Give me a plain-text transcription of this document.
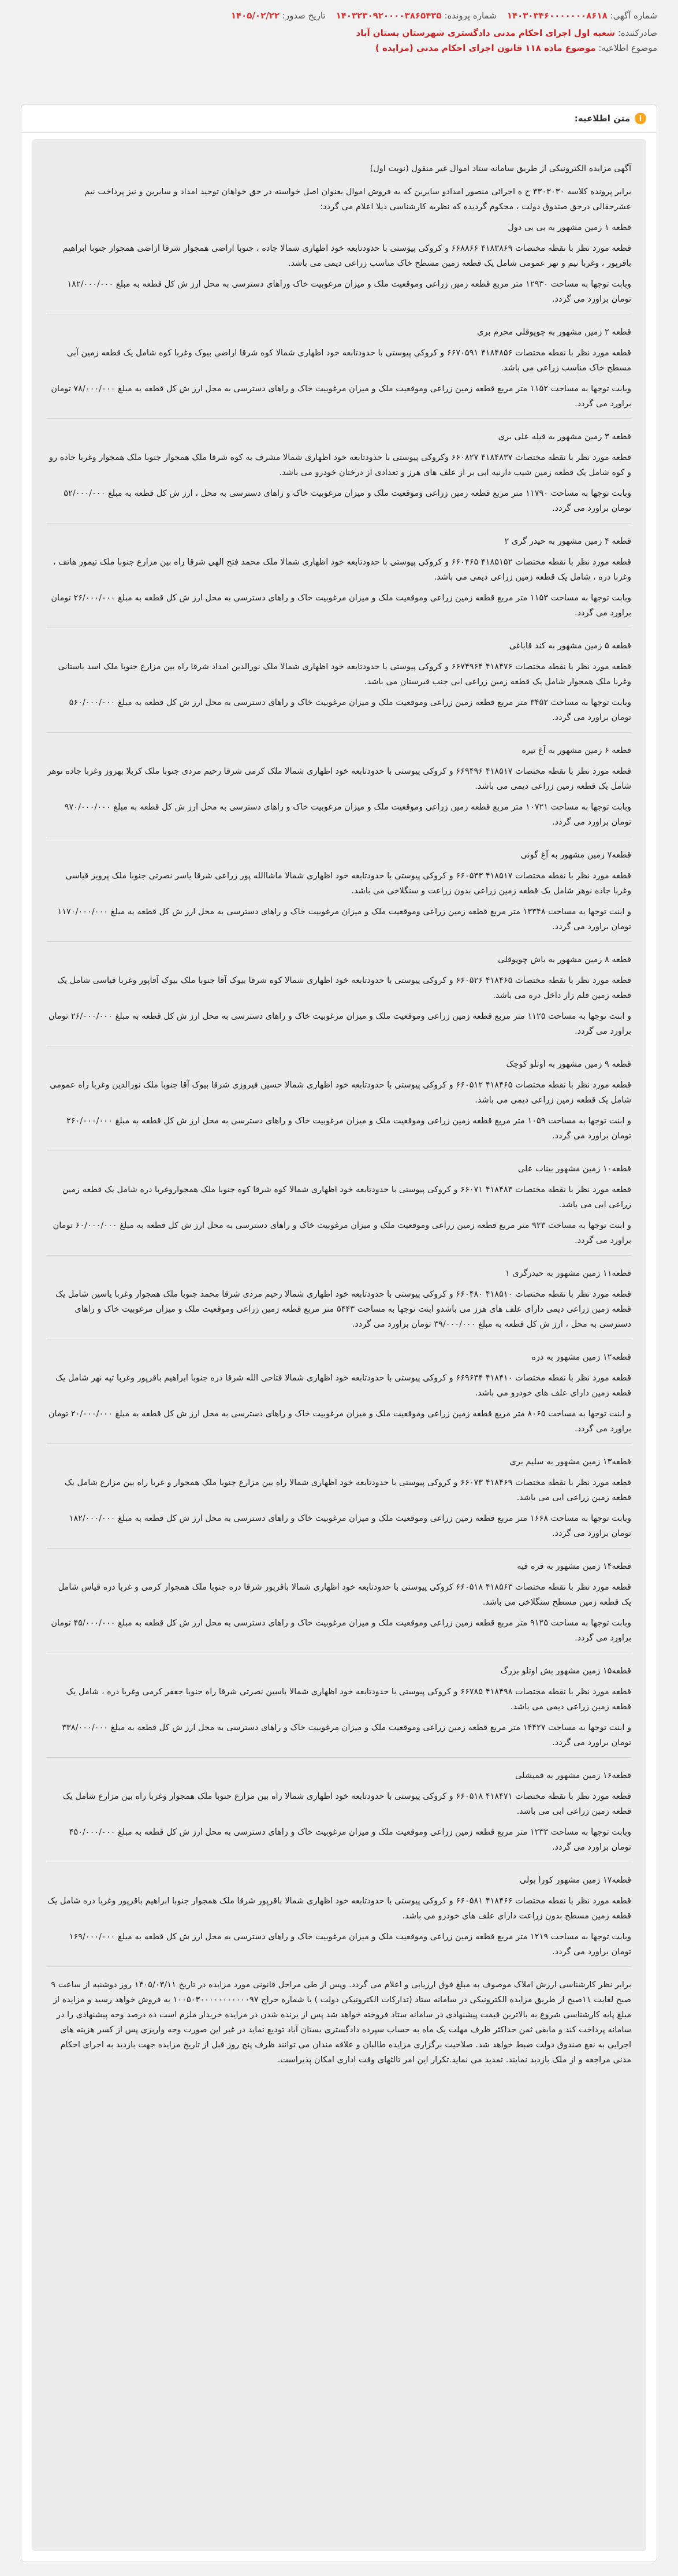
شماره آگهی: ۱۴۰۳۰۳۴۶۰۰۰۰۰۰۰۸۶۱۸
شماره پرونده: ۱۴۰۳۲۳۰۹۲۰۰۰۰۳۸۶۵۴۳۵
تاریخ صدور: ۱۴۰۵/۰۲/۲۲
صادرکننده: شعبه اول اجرای احکام مدنی دادگستری شهرستان بستان آباد
موضوع اطلاعیه: موضوع ماده ۱۱۸ قانون اجرای احکام مدنی (مزایده )
i
متن اطلاعیه:

آگهی مزایده الکترونیکی از طریق سامانه ستاد اموال غیر منقول (نوبت اول)

برابر پرونده کلاسه ۳۳۰۳۰۳۰ ح ه اجرائی منصور امدادو سایرین که به فروش اموال بعنوان اصل خواسته در حق خواهان توحید امداد و سایرین و نیز پرداخت نیم عشرحقالی درحق صندوق دولت ، محکوم گردیده که نظریه کارشناسی ذیلا اعلام می گردد:

قطعه ۱ زمین مشهور به بی بی دول

قطعه مورد نظر با نقطه مختصات ۴۱۸۳۸۶۹ ۶۶۸۸۶۶ و کروکی پیوستی با حدودتابعه خود اظهاری شمالا جاده ، جنوبا اراضی همجوار شرقا اراضی همجوار جنوبا ابراهیم باقرپور ، وغربا نیم و نهر عمومی شامل یک قطعه زمین مسطح خاک مناسب زراعی دیمی می باشد.

وبابت توجها به مساحت ۱۲۹۳۰ متر مربع قطعه زمین زراعی وموقعیت ملک و میزان مرغوبیت خاک وراهای دسترسی به محل ارز ش کل قطعه به مبلغ ۱۸۲/۰۰۰/۰۰۰ تومان براورد می گردد.

قطعه ۲ زمین مشهور به چوپوقلی محرم بری

قطعه مورد نظر با نقطه مختصات ۴۱۸۴۸۵۶ ۶۶۷۰۵۹۱ و کروکی پیوستی با حدودتابعه خود اظهاری شمالا کوه شرقا اراضی بیوک وغربا کوه شامل یک قطعه زمین آبی مسطح خاک مناسب زراعی می باشد.

وبابت توجها به مساحت ۱۱۵۲ متر مربع قطعه زمین زراعی وموقعیت ملک و میزان مرغوبیت خاک و راهای دسترسی به محل ارز ش کل قطعه به مبلغ ۷۸/۰۰۰/۰۰۰ تومان براورد می گردد.

قطعه ۳ زمین مشهور به قیله علی بری

قطعه مورد نظر با نقطه مختصات ۴۱۸۴۸۳۷ ۶۶۰۸۲۷ وکروکی پیوستی با حدودتابعه خود اظهاری شمالا مشرف به کوه شرقا ملک همجوار جنوبا ملک همجوار وغربا جاده رو و کوه شامل یک قطعه زمین شیب دارنیه ابی بر از علف های هرز و تعدادی از درختان خودرو می باشد.

وبابت توجها به مساحت ۱۱۷۹۰ متر مربع قطعه زمین زراعی وموقعیت ملک و میزان مرغوبیت خاک و راهای دسترسی به محل ، ارز ش کل قطعه به مبلغ ۵۲/۰۰۰/۰۰۰ تومان براورد می گردد.

قطعه ۴ زمین مشهور به حیدر گری ۲

قطعه مورد نظر با نقطه مختصات ۴۱۸۵۱۵۲ ۶۶۰۴۶۵ و کروکی پیوستی با حدودتابعه خود اظهاری شمالا ملک محمد فتح الهی شرقا راه بین مزارع جنوبا ملک تیمور هاتف ، وغربا دره ، شامل یک قطعه زمین زراعی دیمی می باشد.

وبابت توجها به مساحت ۱۱۵۳ متر مربع قطعه زمین زراعی وموقعیت ملک و میزان مرغوبیت خاک و راهای دسترسی به محل ارز ش کل قطعه به مبلغ ۲۶/۰۰۰/۰۰۰ تومان براورد می گردد.

قطعه ۵ زمین مشهور به کند قاباغی

قطعه مورد نظر با نقطه مختصات ۴۱۸۴۷۶ ۶۶۷۴۹۶۴ و کروکی پیوستی با حدودتابعه خود اظهاری شمالا ملک نورالدین امداد شرقا راه بین مزارع جنوبا ملک اسد باستانی وغربا ملک همجوار شامل یک قطعه زمین زراعی ابی جنب قبرستان می باشد.

وبابت توجها به مساحت ۳۴۵۲ متر مربع قطعه زمین زراعی وموقعیت ملک و میزان مرغوبیت خاک و راهای دسترسی به محل ارز ش کل قطعه به مبلغ ۵۶۰/۰۰۰/۰۰۰ تومان براورد می گردد.

قطعه ۶ زمین مشهور به آغ تپره

قطعه مورد نظر با نقطه مختصات ۴۱۸۵۱۷ ۶۶۹۴۹۶ و کروکی پیوستی با حدودتابعه خود اظهاری شمالا ملک کرمی شرقا رحیم مردی جنوبا ملک کربلا بهروز وغربا جاده نوهر شامل یک قطعه زمین زراعی دیمی می باشد.

وبابت توجها به مساحت ۱۰۷۲۱ متر مربع قطعه زمین زراعی وموقعیت ملک و میزان مرغوبیت خاک و راهای دسترسی به محل ارز ش کل قطعه به مبلغ ۹۷۰/۰۰۰/۰۰۰ تومان براورد می گردد.

قطعه۷ زمین مشهور به آغ گونی

قطعه مورد نظر با نقطه مختصات ۴۱۸۵۱۷ ۶۶۰۵۳۳ و کروکی پیوستی با حدودتابعه خود اظهاری شمالا ماشاالله پور زراعی شرقا یاسر نصرتی جنوبا ملک پرویز قیاسی وغربا جاده نوهر شامل یک قطعه زمین زراعی بدون زراعت و سنگلاخی می باشد.

و ابنت توجها به مساحت ۱۳۳۴۸ متر مربع قطعه زمین زراعی وموقعیت ملک و میزان مرغوبیت خاک و راهای دسترسی به محل ارز ش کل قطعه به مبلغ ۱۱۷۰/۰۰۰/۰۰۰ تومان براورد می گردد.

قطعه ۸ زمین مشهور به باش چوپوقلی

قطعه مورد نظر با نقطه مختصات ۴۱۸۴۶۵ ۶۶۰۵۲۶ و کروکی پیوستی با حدودتابعه خود اظهاری شمالا کوه شرقا بیوک آقا جنوبا ملک بیوک آقاپور وغربا قیاسی شامل یک قطعه زمین قلم زار داخل دره می باشد.

و ابنت توجها به مساحت ۱۱۲۵ متر مربع قطعه زمین زراعی وموقعیت ملک و میزان مرغوبیت خاک و راهای دسترسی به محل ارز ش کل قطعه به مبلغ ۲۶/۰۰۰/۰۰۰ تومان براورد می گردد.

قطعه ۹ زمین مشهور به اوتلو کوچک

قطعه مورد نظر با نقطه مختصات ۴۱۸۴۶۵ ۶۶۰۵۱۲ و کروکی پیوستی با حدودتابعه خود اظهاری شمالا حسین فیروزی شرقا بیوک آقا جنوبا ملک نورالدین وغربا راه عمومی شامل یک قطعه زمین زراعی دیمی می باشد.

و ابنت توجها به مساحت ۱۰۵۹ متر مربع قطعه زمین زراعی وموقعیت ملک و میزان مرغوبیت خاک و راهای دسترسی به محل ارز ش کل قطعه به مبلغ ۲۶۰/۰۰۰/۰۰۰ تومان براورد می گردد.

قطعه۱۰ زمین مشهور بیناب علی

قطعه مورد نظر با نقطه مختصات ۴۱۸۴۸۳ ۶۶۰۷۱ و کروکی پیوستی با حدودتابعه خود اظهاری شمالا کوه شرقا کوه جنوبا ملک همجواروغربا دره شامل یک قطعه زمین زراعی ابی می باشد.

و ابنت توجها به مساحت ۹۲۳ متر مربع قطعه زمین زراعی وموقعیت ملک و میزان مرغوبیت خاک و راهای دسترسی به محل ارز ش کل قطعه به مبلغ ۶۰/۰۰۰/۰۰۰ تومان براورد می گردد.

قطعه۱۱ زمین مشهور به حیدرگری ۱

قطعه مورد نظر با نقطه مختصات ۴۱۸۵۱۰ ۶۶۰۴۸۰ و کروکی پیوستی با حدودتابعه خود اظهاری شمالا رحیم مردی شرقا محمد جنوبا ملک همجوار وغربا یاسین شامل یک قطعه زمین زراعی دیمی دارای علف های هرز می باشدو ابنت توجها به مساحت ۵۴۴۳ متر مربع قطعه زمین زراعی وموقعیت ملک و میزان مرغوبیت خاک و راهای دسترسی به محل ، ارز ش کل قطعه به مبلغ ۳۹/۰۰۰/۰۰۰ تومان براورد می گردد.

قطعه۱۲ زمین مشهور به دره

قطعه مورد نظر با نقطه مختصات ۴۱۸۴۱۰ ۶۶۹۶۳۴ و کروکی پیوستی با حدودتابعه خود اظهاری شمالا فتاحی الله شرقا دره جنوبا ابراهیم باقرپور وغربا تپه نهر شامل یک قطعه زمین دارای علف های خودرو می باشد.

و ابنت توجها به مساحت ۸۰۶۵ متر مربع قطعه زمین زراعی وموقعیت ملک و میزان مرغوبیت خاک و راهای دسترسی به محل ارز ش کل قطعه به مبلغ ۲۰/۰۰۰/۰۰۰ تومان براورد می گردد.

قطعه۱۳ زمین مشهور به سلیم بری

قطعه مورد نظر با نقطه مختصات ۴۱۸۴۶۹ ۶۶۰۷۳ و کروکی پیوستی با حدودتابعه خود اظهاری شمالا راه بین مزارع جنوبا ملک همجوار و غربا راه بین مزارع شامل یک قطعه زمین زراعی ابی می باشد.

وبابت توجها به مساحت ۱۶۶۸ متر مربع قطعه زمین زراعی وموقعیت ملک و میزان مرغوبیت خاک و راهای دسترسی به محل ارز ش کل قطعه به مبلغ ۱۸۲/۰۰۰/۰۰۰ تومان براورد می گردد.

قطعه۱۴ زمین مشهور به قره قیه

قطعه مورد نظر با نقطه مختصات ۴۱۸۵۶۳ ۶۶۰۵۱۸ کروکی پیوستی با حدودتابعه خود اظهاری شمالا باقرپور شرقا دره جنوبا ملک همجوار کرمی و غربا دره قیاس شامل یک قطعه زمین مسطح سنگلاخی می باشد.

وبابت توجها به مساحت ۹۱۲۵ متر مربع قطعه زمین زراعی وموقعیت ملک و میزان مرغوبیت خاک و راهای دسترسی به محل ارز ش کل قطعه به مبلغ ۴۵/۰۰۰/۰۰۰ تومان براورد می گردد.

قطعه۱۵ زمین مشهور بش اوتلو بزرگ

قطعه مورد نظر با نقطه مختصات ۴۱۸۴۹۸ ۶۶۷۸۵ و کروکی پیوستی با حدودتابعه خود اظهاری شمالا یاسین نصرتی شرقا راه جنوبا جعفر کرمی وغربا دره ، شامل یک قطعه زمین زراعی دیمی می باشد.

و ابنت توجها به مساحت ۱۴۴۲۷ متر مربع قطعه زمین زراعی وموقعیت ملک و میزان مرغوبیت خاک و راهای دسترسی به محل ارز ش کل قطعه به مبلغ ۳۳۸/۰۰۰/۰۰۰ تومان براورد می گردد.

قطعه۱۶ زمین مشهور به قمیشلی

قطعه مورد نظر با نقطه مختصات ۴۱۸۴۷۱ ۶۶۰۵۱۸ و کروکی پیوستی با حدودتابعه خود اظهاری شمالا راه بین مزارع جنوبا ملک همجوار وغربا راه بین مزارع شامل یک قطعه زمین زراعی ابی می باشد.

وبابت توجها به مساحت ۱۲۳۳ متر مربع قطعه زمین زراعی وموقعیت ملک و میزان مرغوبیت خاک و راهای دسترسی به محل ارز ش کل قطعه به مبلغ ۴۵۰/۰۰۰/۰۰۰ تومان براورد می گردد.

قطعه۱۷ زمین مشهور کورا بولی

قطعه مورد نظر با نقطه مختصات ۴۱۸۴۶۶ ۶۶۰۵۸۱ و کروکی پیوستی با حدودتابعه خود اظهاری شمالا باقرپور شرقا ملک همجوار جنوبا ابراهیم باقرپور وغربا دره شامل یک قطعه زمین مسطح بدون زراعت دارای علف های خودرو می باشد.

وبابت توجها به مساحت ۱۲۱۹ متر مربع قطعه زمین زراعی وموقعیت ملک و میزان مرغوبیت خاک و راهای دسترسی به محل ارز ش کل قطعه به مبلغ ۱۶۹/۰۰۰/۰۰۰ تومان براورد می گردد.

برابر نظر کارشناسی ارزش املاک موصوف به مبلغ فوق ارزیابی و اعلام می گردد. وپس از طی مراحل قانونی مورد مزایده در تاریخ ۱۴۰۵/۰۳/۱۱ روز دوشنبه از ساعت ۹ صبح لغایت ۱۱صبح از طریق مزایده الکترونیکی در سامانه ستاد (تدارکات الکترونیکی دولت ) با شماره حراج ۱۰۰۵۰۳۰۰۰۰۰۰۰۰۰۰۰۹۷ به فروش خواهد رسید و مزایده از مبلغ پایه کارشناسی شروع به بالاترین قیمت پیشنهادی در سامانه ستاد فروخته خواهد شد پس از برنده شدن در مزایده خریدار ملزم است ده درصد وجه پیشنهادی را در سامانه پرداخت کند و مابقی ثمن حداکثر ظرف مهلت یک ماه به حساب سپرده دادگستری بستان آباد تودیع نماید در غیر این صورت وجه واریزی پس از کسر هزینه های اجرایی به نفع صندوق دولت ضبط خواهد شد. صلاحیت برگزاری مزایده طالبان و علاقه مندان می توانند ظرف پنج روز قبل از تاریخ مزایده جهت بازدید به اجرای احکام مدنی مراجعه و از ملک بازدید نمایند. تمدید می نماید.تکرار این امر تالثهای وقت اداری امکان پذیراست.
